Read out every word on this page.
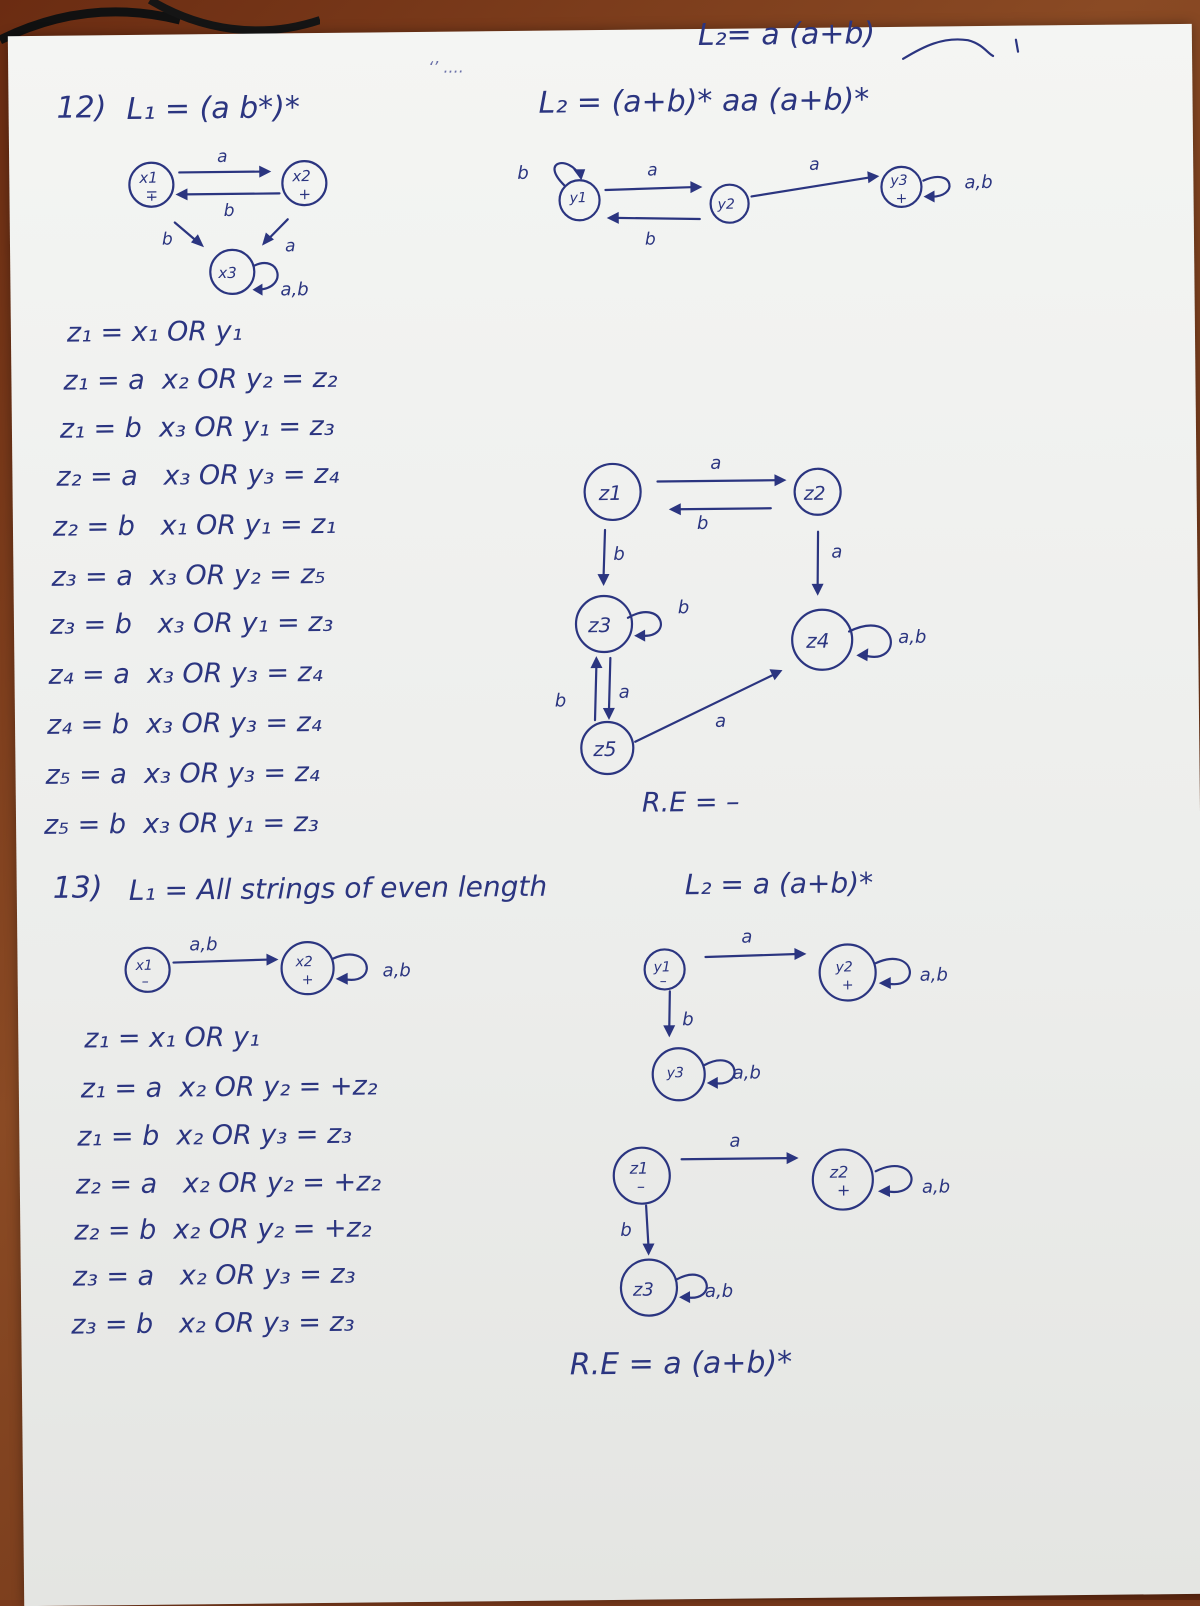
L₂= a (a+b)
‘’ ....
12) L₁ = (a b*)*	L₂ = (a+b)* aa (a+b)*
x1
∓
x2
+
x3
a
b
b	a
a,b
y1	y2
y3
+
b	a
b
a
a,b
z₁ = x₁ OR y₁
z₁ = a  x₂ OR y₂ = z₂
z₁ = b  x₃ OR y₁ = z₃
z₂ = a   x₃ OR y₃ = z₄
z₂ = b   x₁ OR y₁ = z₁
z₃ = a  x₃ OR y₂ = z₅
z₃ = b   x₃ OR y₁ = z₃
z₄ = a  x₃ OR y₃ = z₄
z₄ = b  x₃ OR y₃ = z₄
z₅ = a  x₃ OR y₃ = z₄
z₅ = b  x₃ OR y₁ = z₃
z1	z2
z3
z4
z5
a
b
b	a
b
a,b
b	a
a
R.E = –
13) L₁ = All strings of even length	L₂ = a (a+b)*
x1
–
x2
+
a,b
a,b	y1
–
y2
+
y3
a
a,b
b
a,b
z₁ = x₁ OR y₁
z₁ = a  x₂ OR y₂ = +z₂
z₁ = b  x₂ OR y₃ = z₃
z₂ = a   x₂ OR y₂ = +z₂
z₂ = b  x₂ OR y₂ = +z₂
z₃ = a   x₂ OR y₃ = z₃
z₃ = b   x₂ OR y₃ = z₃
z1
–
z2
+
z3
a
a,b
b
a,b
R.E = a (a+b)*
